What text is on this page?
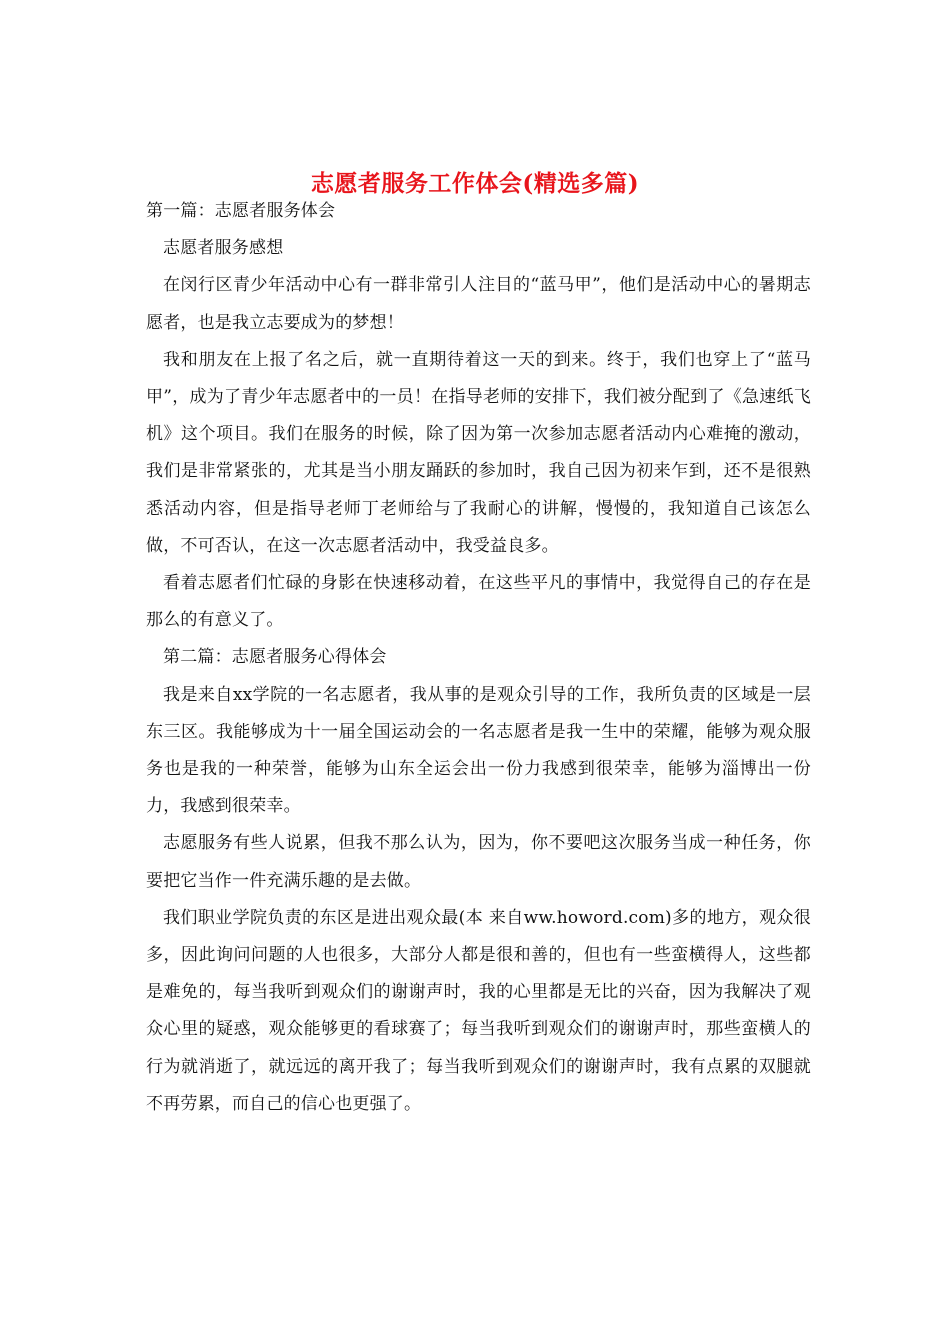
志愿者服务工作体会(精选多篇)

第一篇：志愿者服务体会

志愿者服务感想

在闵行区青少年活动中心有一群非常引人注目的“蓝马甲”，他们是活动中心的暑期志愿者，也是我立志要成为的梦想！

我和朋友在上报了名之后，就一直期待着这一天的到来。终于，我们也穿上了“蓝马甲”，成为了青少年志愿者中的一员！在指导老师的安排下，我们被分配到了《急速纸飞机》这个项目。我们在服务的时候，除了因为第一次参加志愿者活动内心难掩的激动，我们是非常紧张的，尤其是当小朋友踊跃的参加时，我自己因为初来乍到，还不是很熟悉活动内容，但是指导老师丁老师给与了我耐心的讲解，慢慢的，我知道自己该怎么做，不可否认，在这一次志愿者活动中，我受益良多。

看着志愿者们忙碌的身影在快速移动着，在这些平凡的事情中，我觉得自己的存在是那么的有意义了。

第二篇：志愿者服务心得体会

我是来自xx学院的一名志愿者，我从事的是观众引导的工作，我所负责的区域是一层东三区。我能够成为十一届全国运动会的一名志愿者是我一生中的荣耀，能够为观众服务也是我的一种荣誉，能够为山东全运会出一份力我感到很荣幸，能够为淄博出一份力，我感到很荣幸。

志愿服务有些人说累，但我不那么认为，因为，你不要吧这次服务当成一种任务，你要把它当作一件充满乐趣的是去做。

我们职业学院负责的东区是进出观众最(本 来自ww.howord.com)多的地方，观众很多，因此询问问题的人也很多，大部分人都是很和善的，但也有一些蛮横得人，这些都是难免的，每当我听到观众们的谢谢声时，我的心里都是无比的兴奋，因为我解决了观众心里的疑惑，观众能够更的看球赛了；每当我听到观众们的谢谢声时，那些蛮横人的行为就消逝了，就远远的离开我了；每当我听到观众们的谢谢声时，我有点累的双腿就不再劳累，而自己的信心也更强了。
